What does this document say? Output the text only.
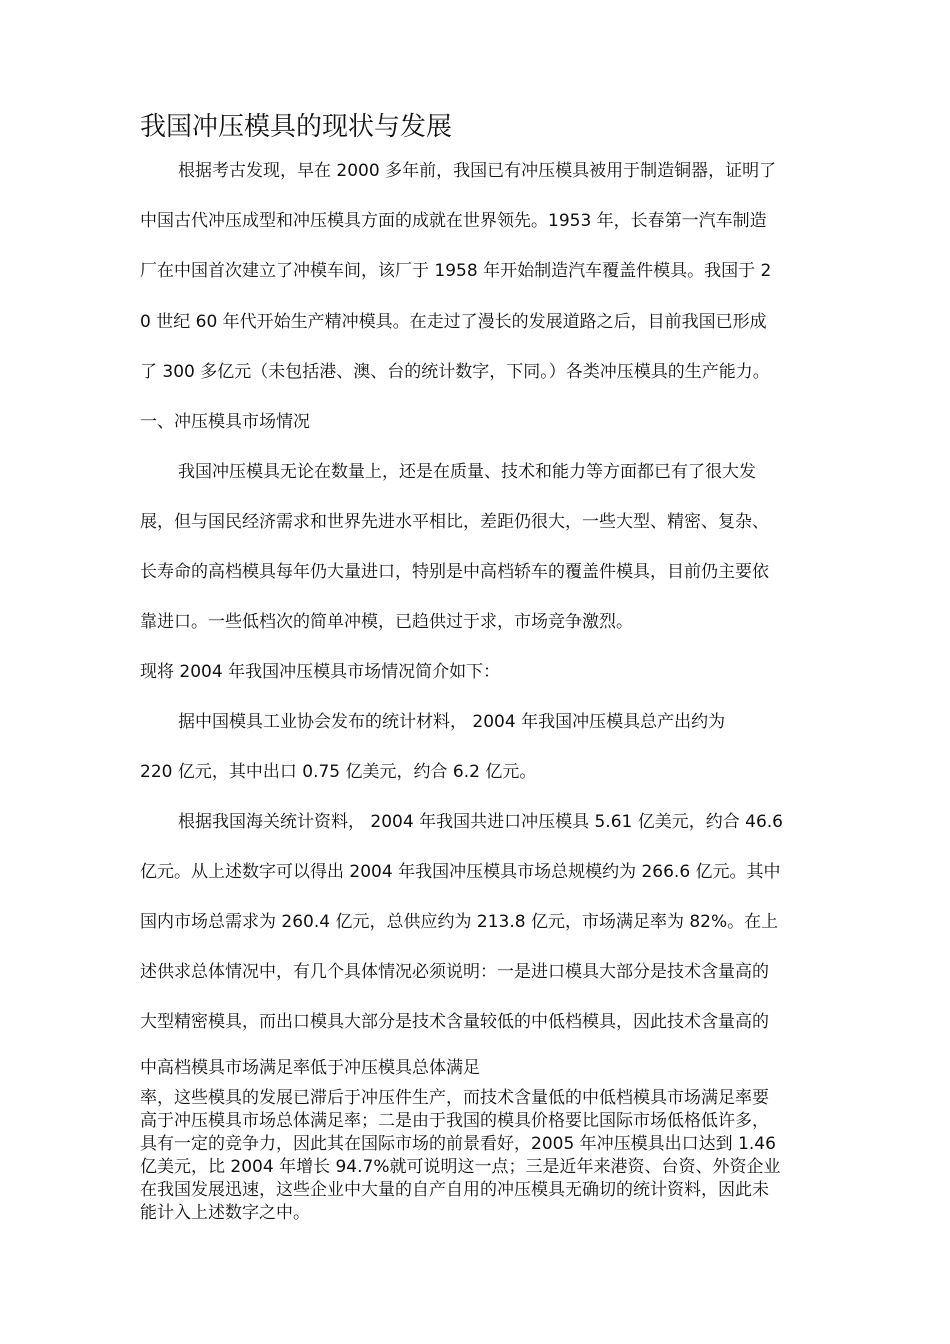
我国冲压模具的现状与发展
根据考古发现，早在 2000 多年前，我国已有冲压模具被用于制造铜器，证明了
中国古代冲压成型和冲压模具方面的成就在世界领先。1953 年，长春第一汽车制造
厂在中国首次建立了冲模车间，该厂于 1958 年开始制造汽车覆盖件模具。我国于 2
0 世纪 60 年代开始生产精冲模具。在走过了漫长的发展道路之后，目前我国已形成
了 300 多亿元（未包括港、澳、台的统计数字，下同。）各类冲压模具的生产能力。
一、冲压模具市场情况
我国冲压模具无论在数量上，还是在质量、技术和能力等方面都已有了很大发
展，但与国民经济需求和世界先进水平相比，差距仍很大，一些大型、精密、复杂、
长寿命的高档模具每年仍大量进口，特别是中高档轿车的覆盖件模具，目前仍主要依
靠进口。一些低档次的简单冲模，已趋供过于求，市场竞争激烈。
现将 2004 年我国冲压模具市场情况简介如下：
据中国模具工业协会发布的统计材料， 2004 年我国冲压模具总产出约为
220 亿元，其中出口 0.75 亿美元，约合 6.2 亿元。
根据我国海关统计资料， 2004 年我国共进口冲压模具 5.61 亿美元，约合 46.6
亿元。从上述数字可以得出 2004 年我国冲压模具市场总规模约为 266.6 亿元。其中
国内市场总需求为 260.4 亿元，总供应约为 213.8 亿元，市场满足率为 82%。在上
述供求总体情况中，有几个具体情况必须说明：一是进口模具大部分是技术含量高的
大型精密模具，而出口模具大部分是技术含量较低的中低档模具，因此技术含量高的
中高档模具市场满足率低于冲压模具总体满足
率，这些模具的发展已滞后于冲压件生产，而技术含量低的中低档模具市场满足率要
高于冲压模具市场总体满足率；二是由于我国的模具价格要比国际市场低格低许多，
具有一定的竞争力，因此其在国际市场的前景看好，2005 年冲压模具出口达到 1.46
亿美元，比 2004 年增长 94.7%就可说明这一点；三是近年来港资、台资、外资企业
在我国发展迅速，这些企业中大量的自产自用的冲压模具无确切的统计资料，因此未
能计入上述数字之中。
